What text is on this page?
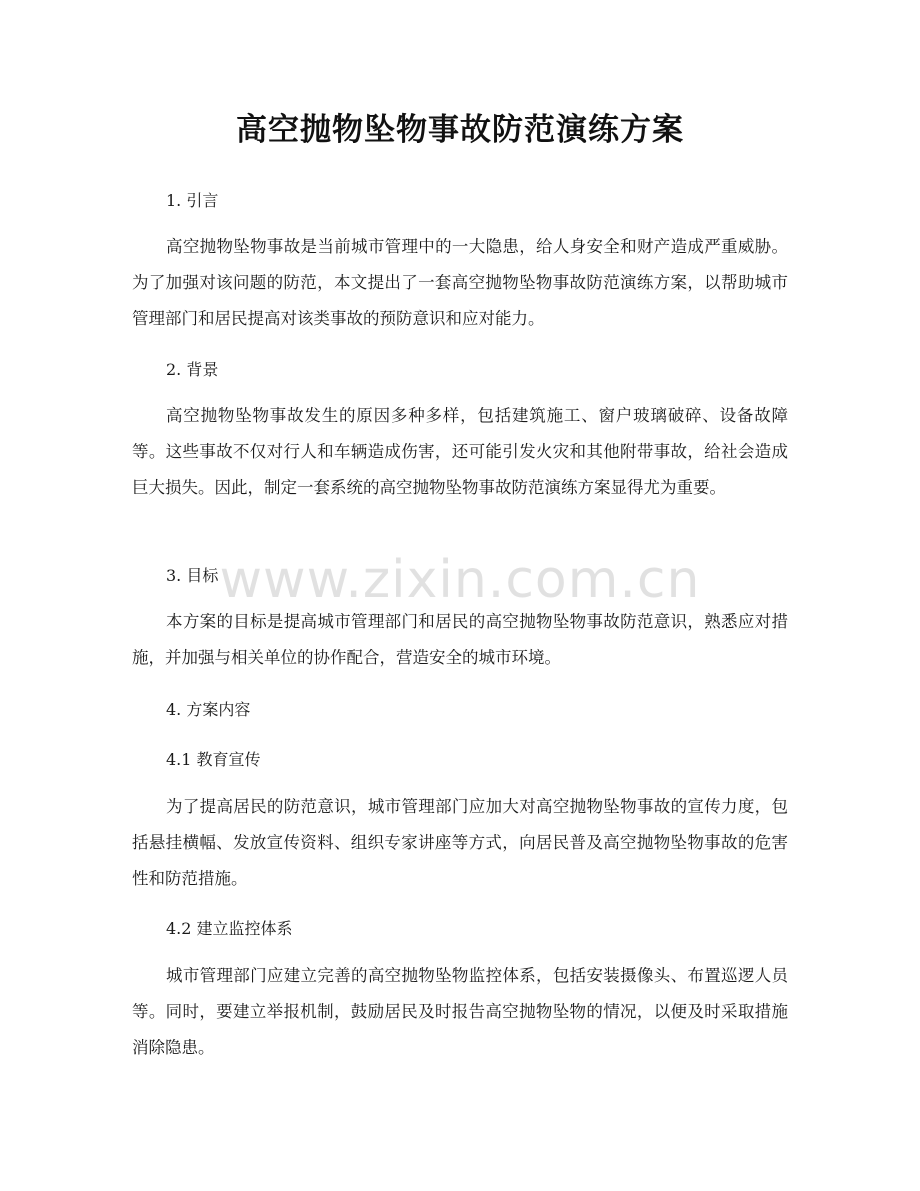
高空抛物坠物事故防范演练方案
1. 引言

高空抛物坠物事故是当前城市管理中的一大隐患，给人身安全和财产造成严重威胁。为了加强对该问题的防范，本文提出了一套高空抛物坠物事故防范演练方案，以帮助城市管理部门和居民提高对该类事故的预防意识和应对能力。

2. 背景

高空抛物坠物事故发生的原因多种多样，包括建筑施工、窗户玻璃破碎、设备故障等。这些事故不仅对行人和车辆造成伤害，还可能引发火灾和其他附带事故，给社会造成巨大损失。因此，制定一套系统的高空抛物坠物事故防范演练方案显得尤为重要。

3. 目标

本方案的目标是提高城市管理部门和居民的高空抛物坠物事故防范意识，熟悉应对措施，并加强与相关单位的协作配合，营造安全的城市环境。

4. 方案内容
4.1 教育宣传

为了提高居民的防范意识，城市管理部门应加大对高空抛物坠物事故的宣传力度，包括悬挂横幅、发放宣传资料、组织专家讲座等方式，向居民普及高空抛物坠物事故的危害性和防范措施。

4.2 建立监控体系

城市管理部门应建立完善的高空抛物坠物监控体系，包括安装摄像头、布置巡逻人员等。同时，要建立举报机制，鼓励居民及时报告高空抛物坠物的情况，以便及时采取措施消除隐患。

www.zixin.com.cn
